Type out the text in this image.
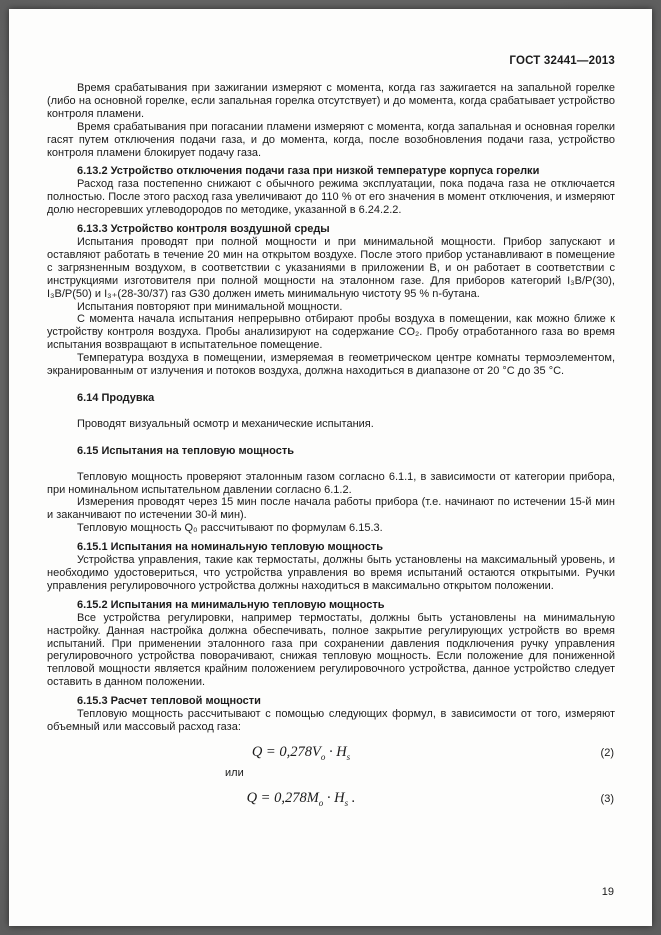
ГОСТ 32441—2013

Время срабатывания при зажигании измеряют с момента, когда газ зажигается на запальной горелке (либо на основной горелке, если запальная горелка отсутствует) и до момента, когда срабатывает устройство контроля пламени.

Время срабатывания при погасании пламени измеряют с момента, когда запальная и основная горелки гасят путем отключения подачи газа, и до момента, когда, после возобновления подачи газа, устройство контроля пламени блокирует подачу газа.

6.13.2 Устройство отключения подачи газа при низкой температуре корпуса горелки

Расход газа постепенно снижают с обычного режима эксплуатации, пока подача газа не отключается полностью. После этого расход газа увеличивают до 110 % от его значения в момент отключения, и измеряют долю несгоревших углеводородов по методике, указанной в 6.24.2.2.

6.13.3 Устройство контроля воздушной среды

Испытания проводят при полной мощности и при минимальной мощности. Прибор запускают и оставляют работать в течение 20 мин на открытом воздухе. После этого прибор устанавливают в помещение с загрязненным воздухом, в соответствии с указаниями в приложении В, и он работает в соответствии с инструкциями изготовителя при полной мощности на эталонном газе. Для приборов категорий I₃B/P(30), I₃B/P(50) и I₃₊(28-30/37) газ G30 должен иметь минимальную чистоту 95 % n-бутана.

Испытания повторяют при минимальной мощности.

С момента начала испытания непрерывно отбирают пробы воздуха в помещении, как можно ближе к устройству контроля воздуха. Пробы анализируют на содержание CO₂. Пробу отработанного газа во время испытания возвращают в испытательное помещение.

Температура воздуха в помещении, измеряемая в геометрическом центре комнаты термоэлементом, экранированным от излучения и потоков воздуха, должна находиться в диапазоне от 20 °С до 35 °С.

6.14 Продувка

Проводят визуальный осмотр и механические испытания.

6.15 Испытания на тепловую мощность

Тепловую мощность проверяют эталонным газом согласно 6.1.1, в зависимости от категории прибора, при номинальном испытательном давлении согласно 6.1.2.

Измерения проводят через 15 мин после начала работы прибора (т.е. начинают по истечении 15-й мин и заканчивают по истечении 30-й мин).

Тепловую мощность Q₀ рассчитывают по формулам 6.15.3.

6.15.1 Испытания на номинальную тепловую мощность

Устройства управления, такие как термостаты, должны быть установлены на максимальный уровень, и необходимо удостовериться, что устройства управления во время испытаний остаются открытыми. Ручки управления регулировочного устройства должны находиться в максимально открытом положении.

6.15.2 Испытания на минимальную тепловую мощность

Все устройства регулировки, например термостаты, должны быть установлены на минимальную настройку. Данная настройка должна обеспечивать, полное закрытие регулирующих устройств во время испытаний. При применении эталонного газа при сохранении давления подключения ручку управления регулировочного устройства поворачивают, снижая тепловую мощность. Если положение для пониженной тепловой мощности является крайним положением регулировочного устройства, данное устройство следует оставить в данном положении.

6.15.3 Расчет тепловой мощности

Тепловую мощность рассчитывают с помощью следующих формул, в зависимости от того, измеряют объемный или массовый расход газа:

$Q = 0,278V_о \cdot H_s$	(2)
или
$Q = 0,278M_о \cdot H_s$ .	(3)
19
